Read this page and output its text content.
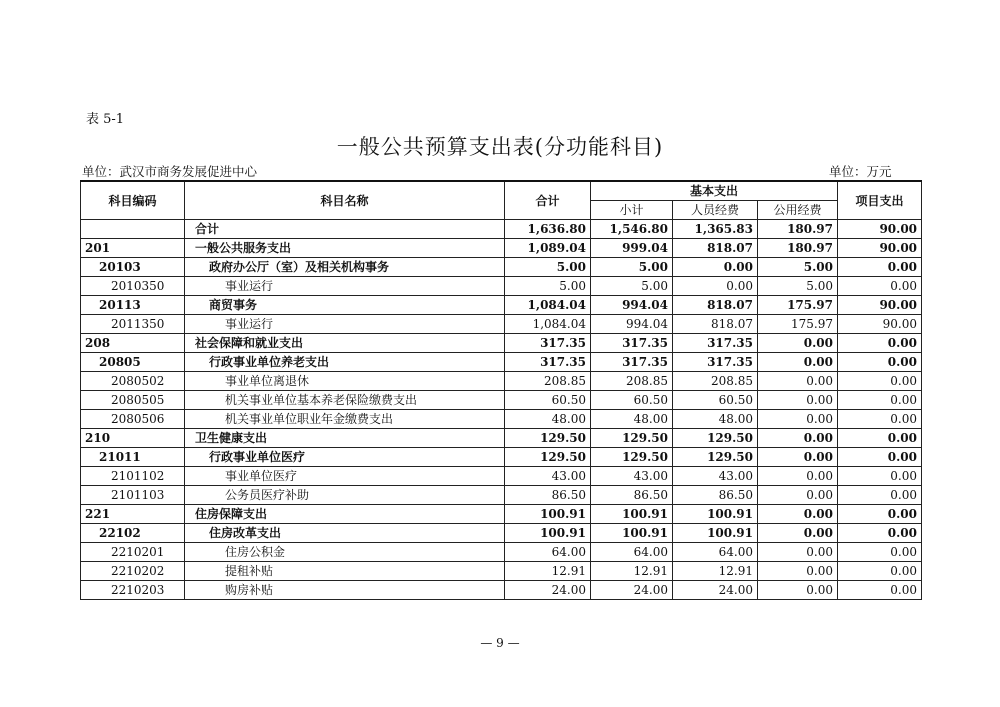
表 5-1
一般公共预算支出表(分功能科目)
单位：武汉市商务发展促进中心	单位：万元
科目编码	科目名称	合计	基本支出			项目支出
			小计	人员经费	公用经费	
	合计	1,636.80	1,546.80	1,365.83	180.97	90.00
201	一般公共服务支出	1,089.04	999.04	818.07	180.97	90.00
20103	政府办公厅（室）及相关机构事务	5.00	5.00	0.00	5.00	0.00
2010350	事业运行	5.00	5.00	0.00	5.00	0.00
20113	商贸事务	1,084.04	994.04	818.07	175.97	90.00
2011350	事业运行	1,084.04	994.04	818.07	175.97	90.00
208	社会保障和就业支出	317.35	317.35	317.35	0.00	0.00
20805	行政事业单位养老支出	317.35	317.35	317.35	0.00	0.00
2080502	事业单位离退休	208.85	208.85	208.85	0.00	0.00
2080505	机关事业单位基本养老保险缴费支出	60.50	60.50	60.50	0.00	0.00
2080506	机关事业单位职业年金缴费支出	48.00	48.00	48.00	0.00	0.00
210	卫生健康支出	129.50	129.50	129.50	0.00	0.00
21011	行政事业单位医疗	129.50	129.50	129.50	0.00	0.00
2101102	事业单位医疗	43.00	43.00	43.00	0.00	0.00
2101103	公务员医疗补助	86.50	86.50	86.50	0.00	0.00
221	住房保障支出	100.91	100.91	100.91	0.00	0.00
22102	住房改革支出	100.91	100.91	100.91	0.00	0.00
2210201	住房公积金	64.00	64.00	64.00	0.00	0.00
2210202	提租补贴	12.91	12.91	12.91	0.00	0.00
2210203	购房补贴	24.00	24.00	24.00	0.00	0.00
— 9 —
